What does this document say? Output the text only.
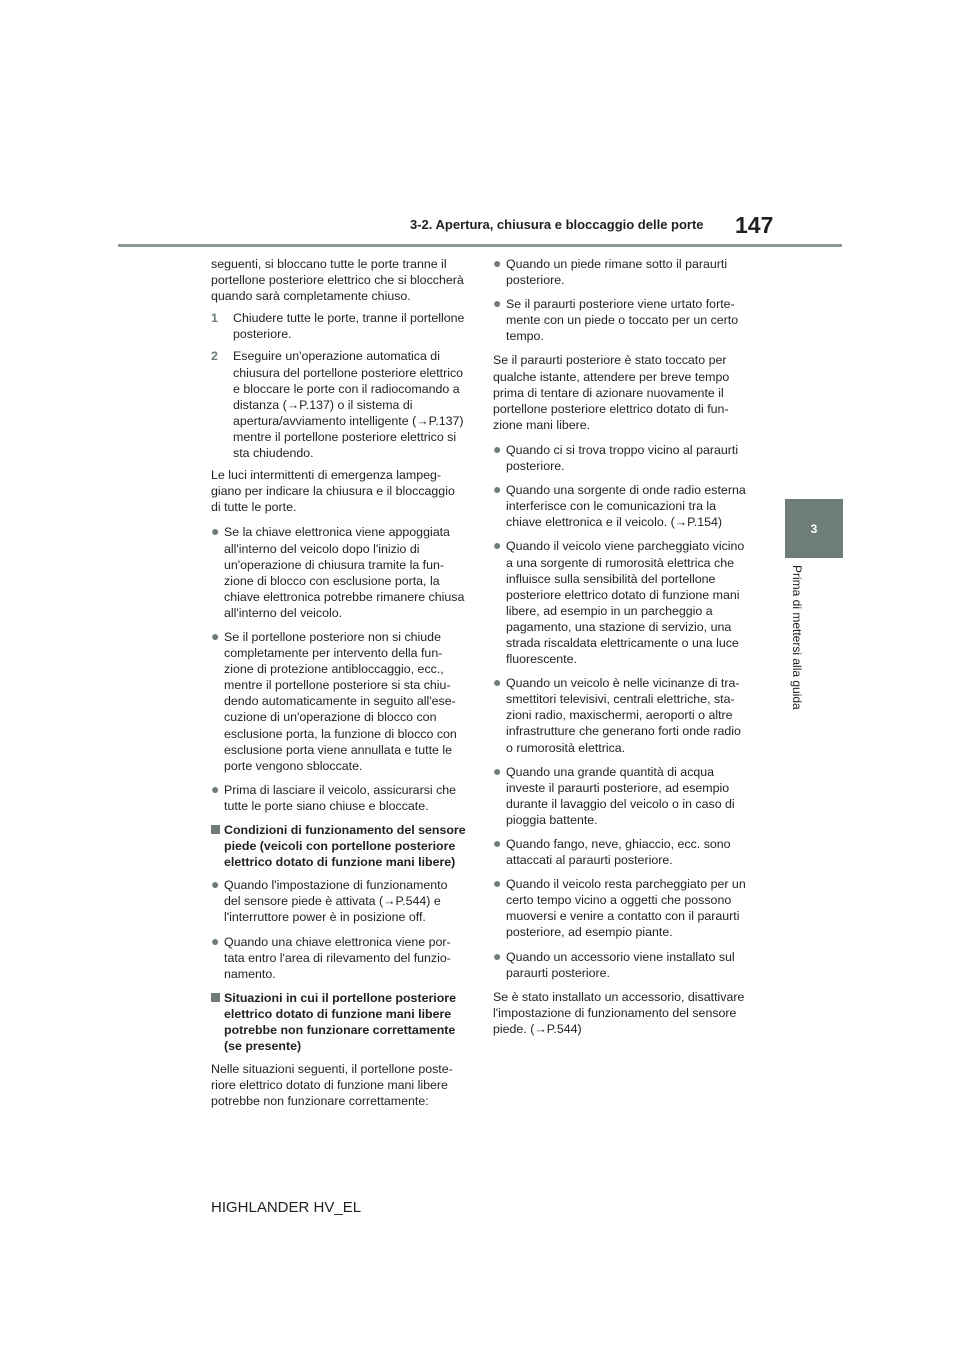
3-2. Apertura, chiusura e bloccaggio delle porte 147
3
Prima di mettersi alla guida

seguenti, si bloccano tutte le porte tranne il portellone posteriore elettrico che si bloccherà quando sarà completamente chiuso.

1	Chiudere tutte le porte, tranne il portellone posteriore.
2	Eseguire un'operazione automatica di chiusura del portellone posteriore elettrico e bloccare le porte con il radiocomando a distanza (→P.137) o il sistema di apertura/avviamento intelligente (→P.137) mentre il portellone posteriore elettrico si sta chiudendo.

Le luci intermittenti di emergenza lampeggiano per indicare la chiusura e il bloccaggio di tutte le porte.

● Se la chiave elettronica viene appoggiata all'interno del veicolo dopo l'inizio di un'operazione di chiusura tramite la funzione di blocco con esclusione porta, la chiave elettronica potrebbe rimanere chiusa all'interno del veicolo.
● Se il portellone posteriore non si chiude completamente per intervento della funzione di protezione antibloccaggio, ecc., mentre il portellone posteriore si sta chiudendo automaticamente in seguito all'esecuzione di un'operazione di blocco con esclusione porta, la funzione di blocco con esclusione porta viene annullata e tutte le porte vengono sbloccate.
● Prima di lasciare il veicolo, assicurarsi che tutte le porte siano chiuse e bloccate.
Condizioni di funzionamento del sensore piede (veicoli con portellone posteriore elettrico dotato di funzione mani libere)
● Quando l'impostazione di funzionamento del sensore piede è attivata (→P.544) e l'interruttore power è in posizione off.
● Quando una chiave elettronica viene portata entro l'area di rilevamento del funzionamento.
Situazioni in cui il portellone posteriore elettrico dotato di funzione mani libere potrebbe non funzionare correttamente (se presente)

Nelle situazioni seguenti, il portellone posteriore elettrico dotato di funzione mani libere potrebbe non funzionare correttamente:

● Quando un piede rimane sotto il paraurti posteriore.
● Se il paraurti posteriore viene urtato fortemente con un piede o toccato per un certo tempo.

Se il paraurti posteriore è stato toccato per qualche istante, attendere per breve tempo prima di tentare di azionare nuovamente il portellone posteriore elettrico dotato di funzione mani libere.

● Quando ci si trova troppo vicino al paraurti posteriore.
● Quando una sorgente di onde radio esterna interferisce con le comunicazioni tra la chiave elettronica e il veicolo. (→P.154)
● Quando il veicolo viene parcheggiato vicino a una sorgente di rumorosità elettrica che influisce sulla sensibilità del portellone posteriore elettrico dotato di funzione mani libere, ad esempio in un parcheggio a pagamento, una stazione di servizio, una strada riscaldata elettricamente o una luce fluorescente.
● Quando un veicolo è nelle vicinanze di trasmettitori televisivi, centrali elettriche, stazioni radio, maxischermi, aeroporti o altre infrastrutture che generano forti onde radio o rumorosità elettrica.
● Quando una grande quantità di acqua investe il paraurti posteriore, ad esempio durante il lavaggio del veicolo o in caso di pioggia battente.
● Quando fango, neve, ghiaccio, ecc. sono attaccati al paraurti posteriore.
● Quando il veicolo resta parcheggiato per un certo tempo vicino a oggetti che possono muoversi e venire a contatto con il paraurti posteriore, ad esempio piante.
● Quando un accessorio viene installato sul paraurti posteriore.

Se è stato installato un accessorio, disattivare l'impostazione di funzionamento del sensore piede. (→P.544)

HIGHLANDER HV_EL
